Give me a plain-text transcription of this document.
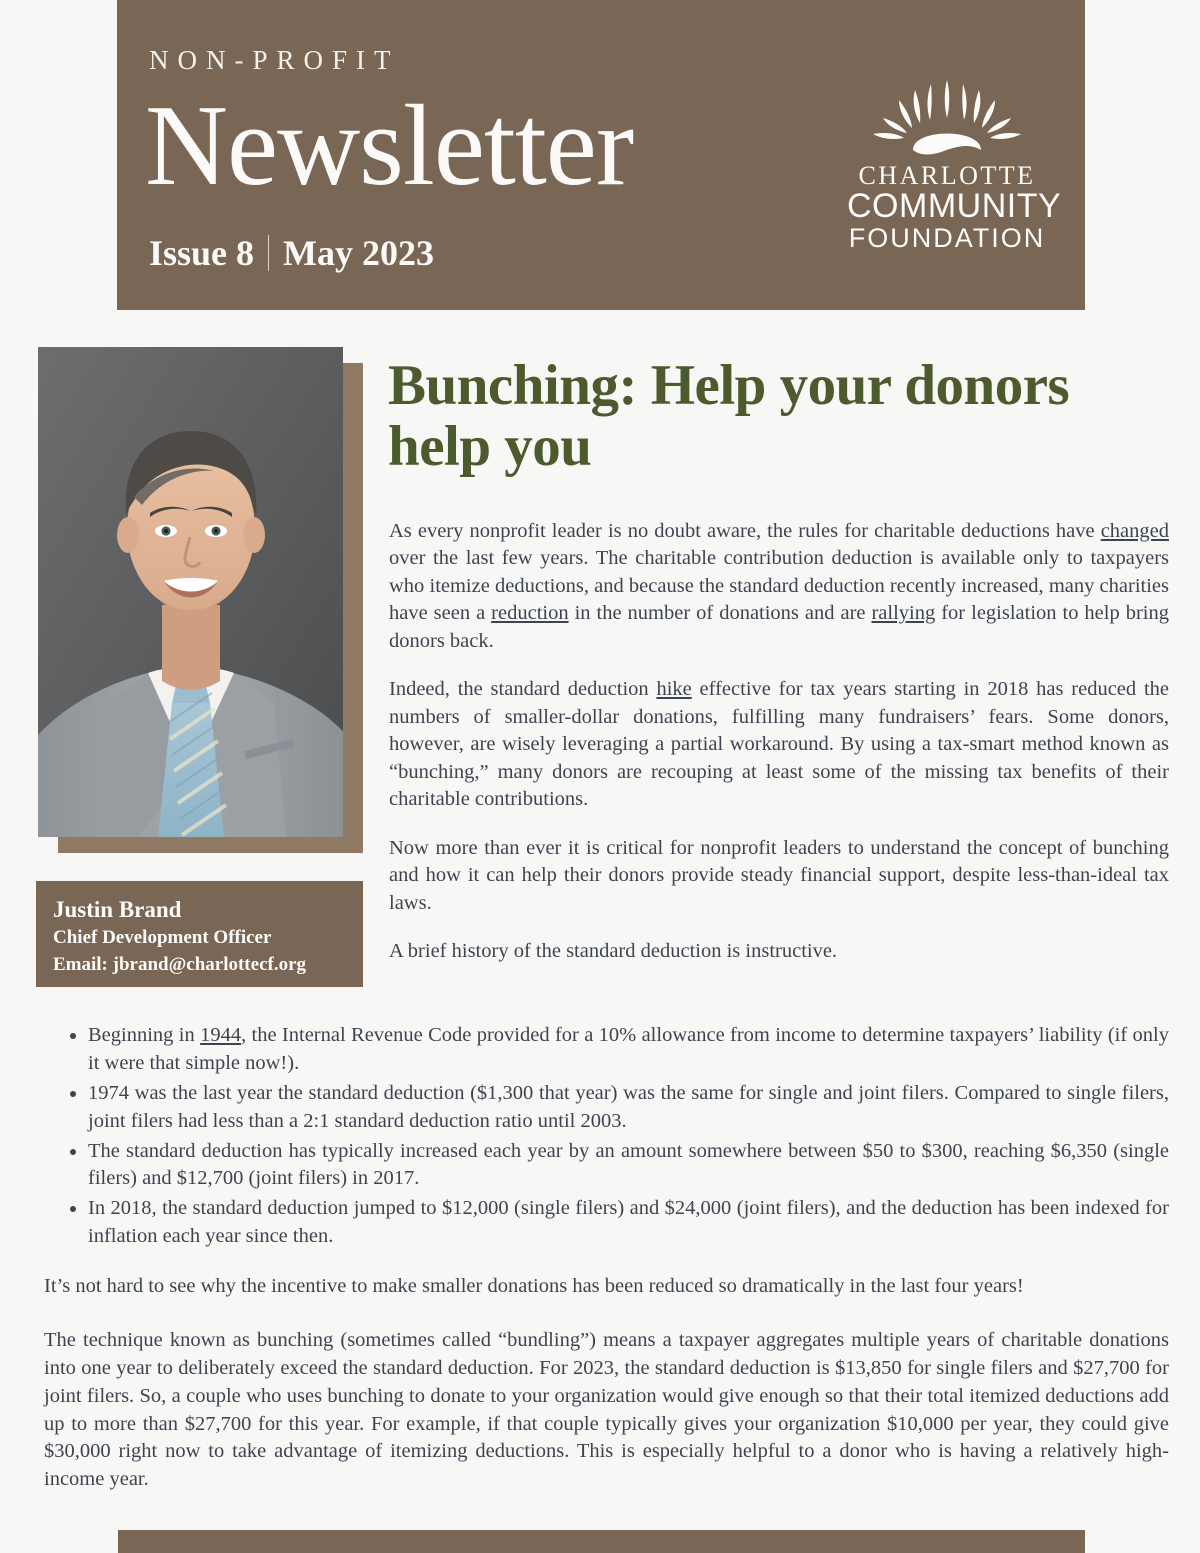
NON-PROFIT
Newsletter
Issue 8 May 2023
CHARLOTTE
COMMUNITY
FOUNDATION
Justin Brand
Chief Development Officer
Email: jbrand@charlottecf.org
Bunching: Help your donors help you

As every nonprofit leader is no doubt aware, the rules for charitable deductions have changed over the last few years. The charitable contribution deduction is available only to taxpayers who itemize deductions, and because the standard deduction recently increased, many charities have seen a reduction in the number of donations and are rallying for legislation to help bring donors back.

Indeed, the standard deduction hike effective for tax years starting in 2018 has reduced the numbers of smaller-dollar donations, fulfilling many fundraisers’ fears. Some donors, however, are wisely leveraging a partial workaround. By using a tax-smart method known as “bunching,” many donors are recouping at least some of the missing tax benefits of their charitable contributions.

Now more than ever it is critical for nonprofit leaders to understand the concept of bunching and how it can help their donors provide steady financial support, despite less-than-ideal tax laws.

A brief history of the standard deduction is instructive.

• Beginning in 1944, the Internal Revenue Code provided for a 10% allowance from income to determine taxpayers’ liability (if only it were that simple now!).
• 1974 was the last year the standard deduction ($1,300 that year) was the same for single and joint filers. Compared to single filers, joint filers had less than a 2:1 standard deduction ratio until 2003.
• The standard deduction has typically increased each year by an amount somewhere between $50 to $300, reaching $6,350 (single filers) and $12,700 (joint filers) in 2017.
• In 2018, the standard deduction jumped to $12,000 (single filers) and $24,000 (joint filers), and the deduction has been indexed for inflation each year since then.

It’s not hard to see why the incentive to make smaller donations has been reduced so dramatically in the last four years!

The technique known as bunching (sometimes called “bundling”) means a taxpayer aggregates multiple years of charitable donations into one year to deliberately exceed the standard deduction. For 2023, the standard deduction is $13,850 for single filers and $27,700 for joint filers. So, a couple who uses bunching to donate to your organization would give enough so that their total itemized deductions add up to more than $27,700 for this year. For example, if that couple typically gives your organization $10,000 per year, they could give $30,000 right now to take advantage of itemizing deductions. This is especially helpful to a donor who is having a relatively high-income year.
